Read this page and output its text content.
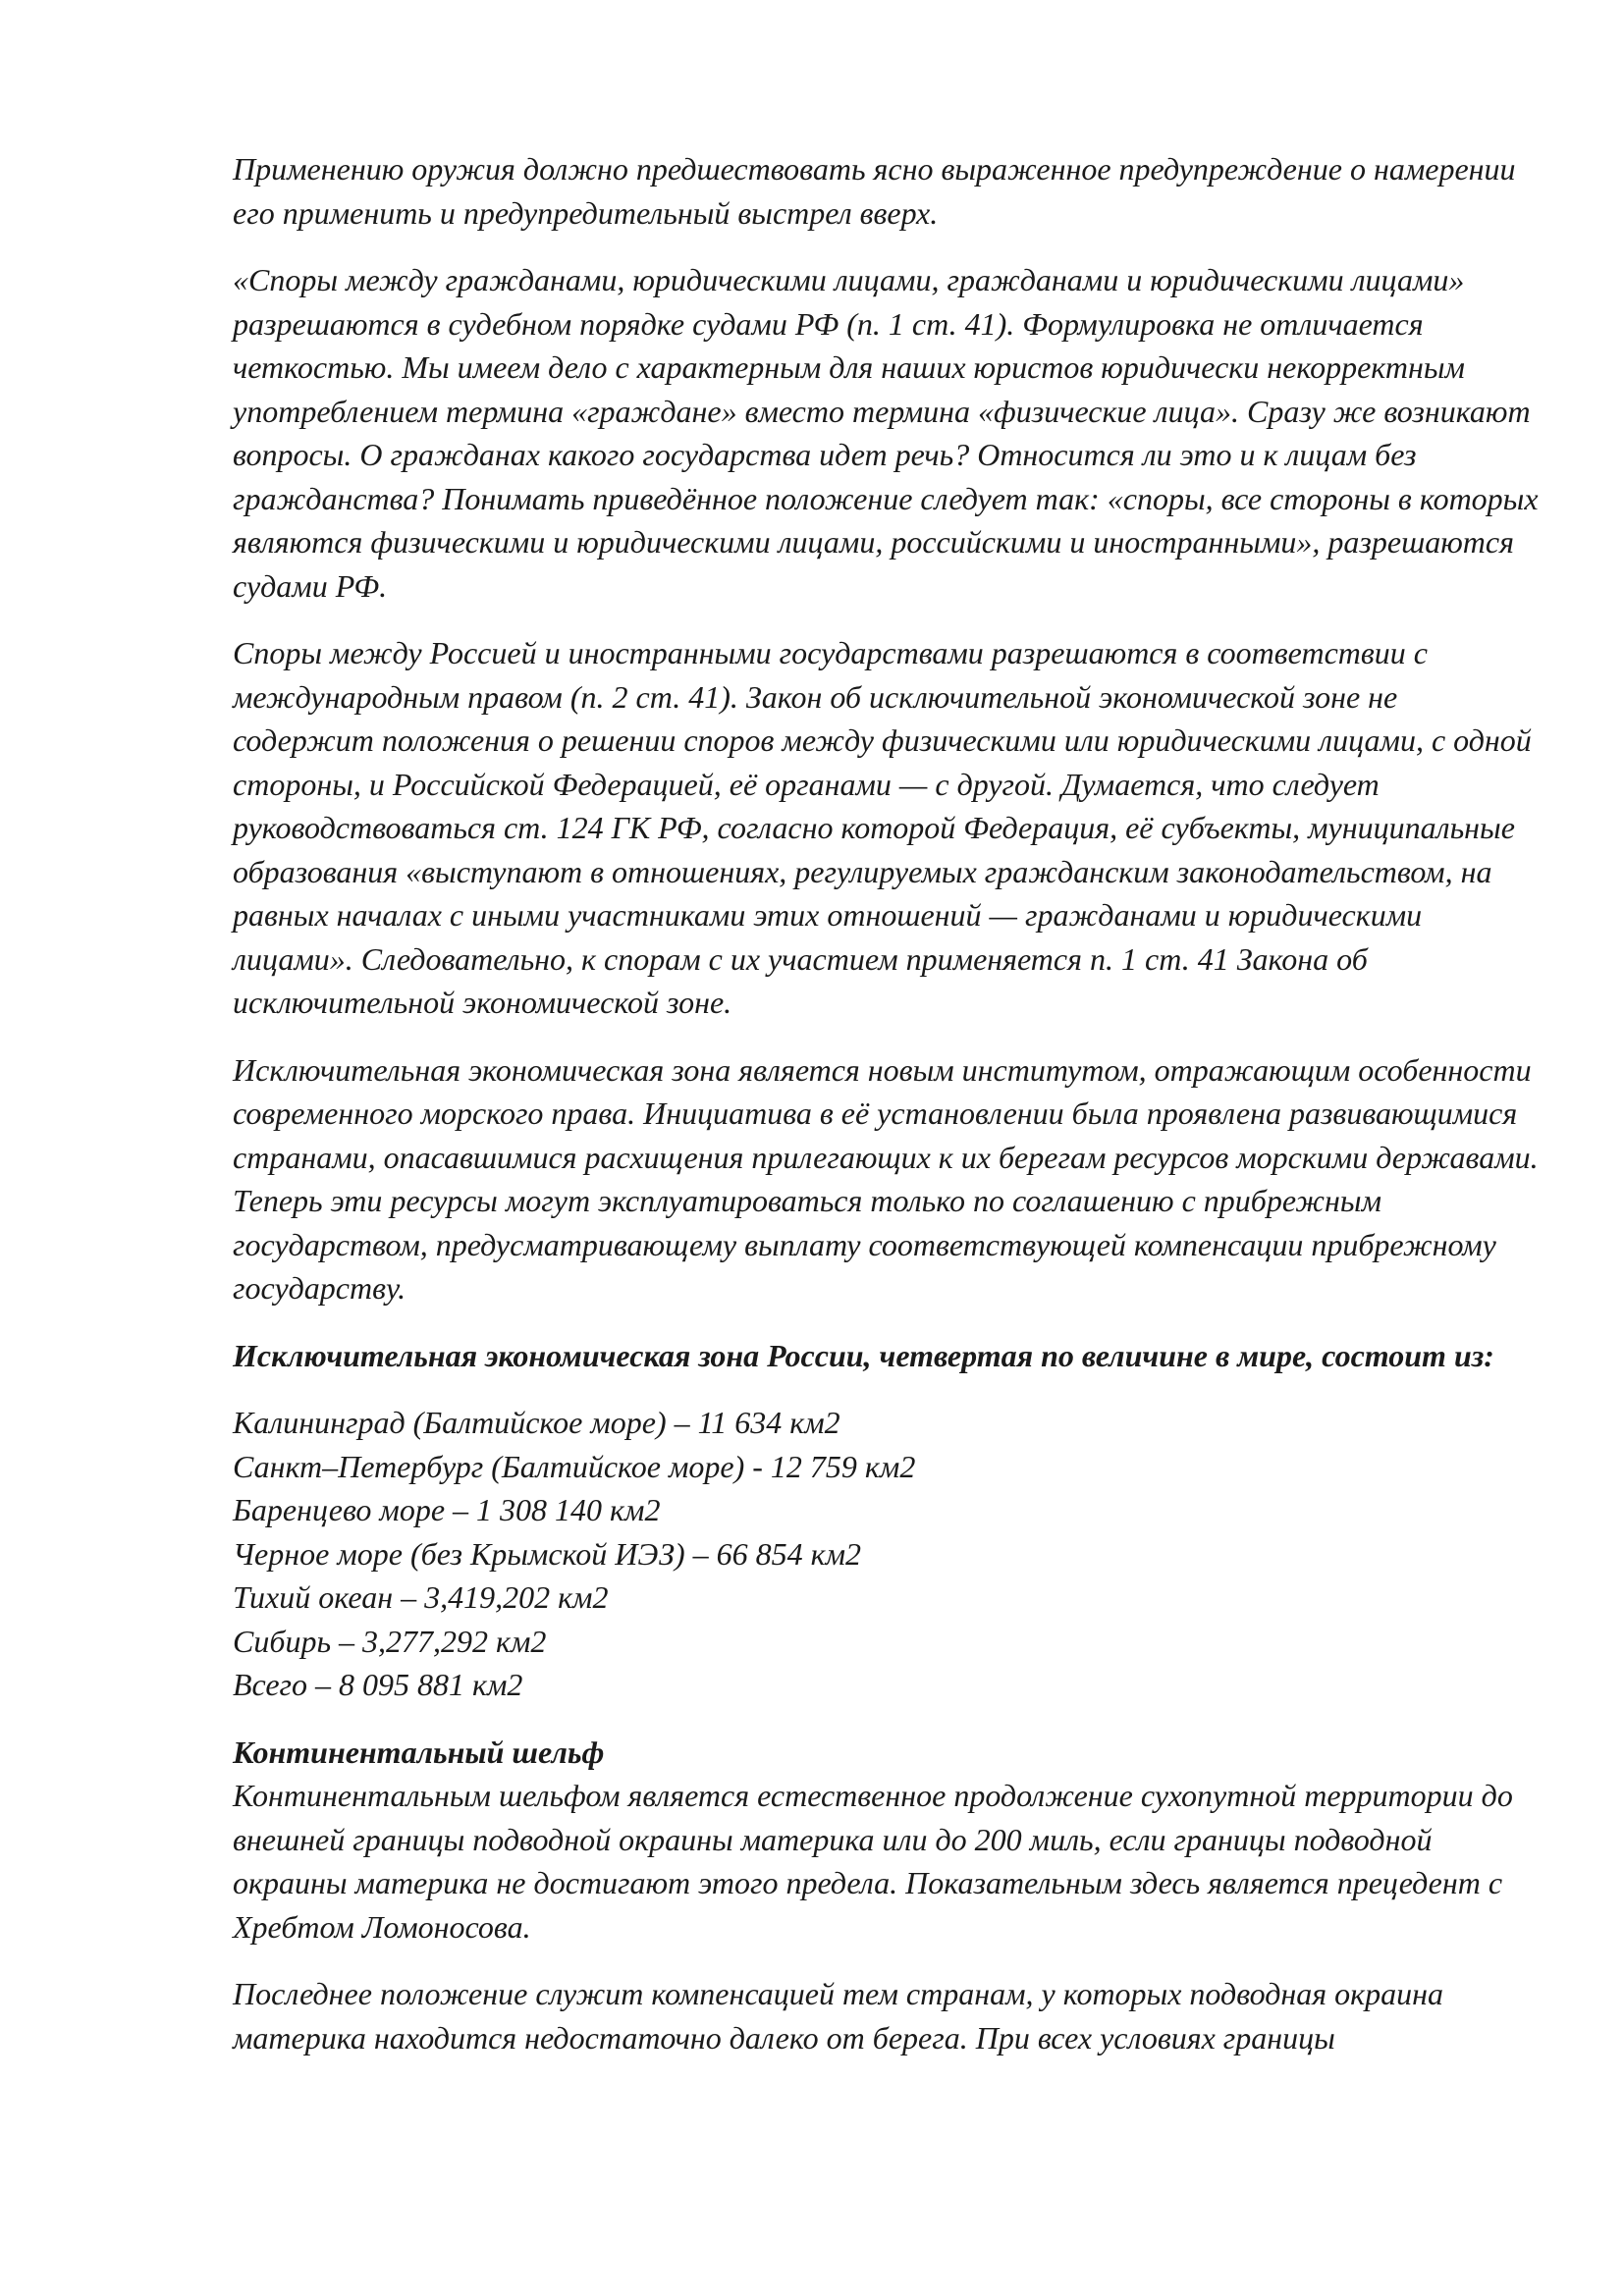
Применению оружия должно предшествовать ясно выраженное предупреждение о намерении его применить и предупредительный выстрел вверх.

«Споры между гражданами, юридическими лицами, гражданами и юридическими лицами» разрешаются в судебном порядке судами РФ (п. 1 ст. 41). Формулировка не отличается четкостью. Мы имеем дело с характерным для наших юристов юридически некорректным употреблением термина «граждане» вместо термина «физические лица». Сразу же возникают вопросы. О гражданах какого государства идет речь? Относится ли это и к лицам без гражданства? Понимать приведённое положение следует так: «споры, все стороны в которых являются физическими и юридическими лицами, российскими и иностранными», разрешаются судами РФ.

Споры между Россией и иностранными государствами разрешаются в соответствии с международным правом (п. 2 ст. 41). Закон об исключительной экономической зоне не содержит положения о решении споров между физическими или юридическими лицами, с одной стороны, и Российской Федерацией, её органами — с другой. Думается, что следует руководствоваться ст. 124 ГК РФ, согласно которой Федерация, её субъекты, муниципальные образования «выступают в отношениях, регулируемых гражданским законодательством, на равных началах с иными участниками этих отношений — гражданами и юридическими лицами». Следовательно, к спорам с их участием применяется п. 1 ст. 41 Закона об исключительной экономической зоне.

Исключительная экономическая зона является новым институтом, отражающим особенности современного морского права. Инициатива в её установлении была проявлена развивающимися странами, опасавшимися расхищения прилегающих к их берегам ресурсов морскими державами. Теперь эти ресурсы могут эксплуатироваться только по соглашению с прибрежным государством, предусматривающему выплату соответствующей компенсации прибрежному государству.

Исключительная экономическая зона России, четвертая по величине в мире, состоит из:

Калининград (Балтийское море) – 11 634 км2
Санкт–Петербург (Балтийское море) - 12 759 км2
Баренцево море – 1 308 140 км2
Черное море (без Крымской ИЭЗ) – 66 854 км2
Тихий океан – 3,419,202 км2
Сибирь – 3,277,292 км2
Всего – 8 095 881 км2
Континентальный шельф
Континентальным шельфом является естественное продолжение сухопутной территории до внешней границы подводной окраины материка или до 200 миль, если границы подводной окраины материка не достигают этого предела. Показательным здесь является прецедент с Хребтом Ломоносова.

Последнее положение служит компенсацией тем странам, у которых подводная окраина материка находится недостаточно далеко от берега. При всех условиях границы
